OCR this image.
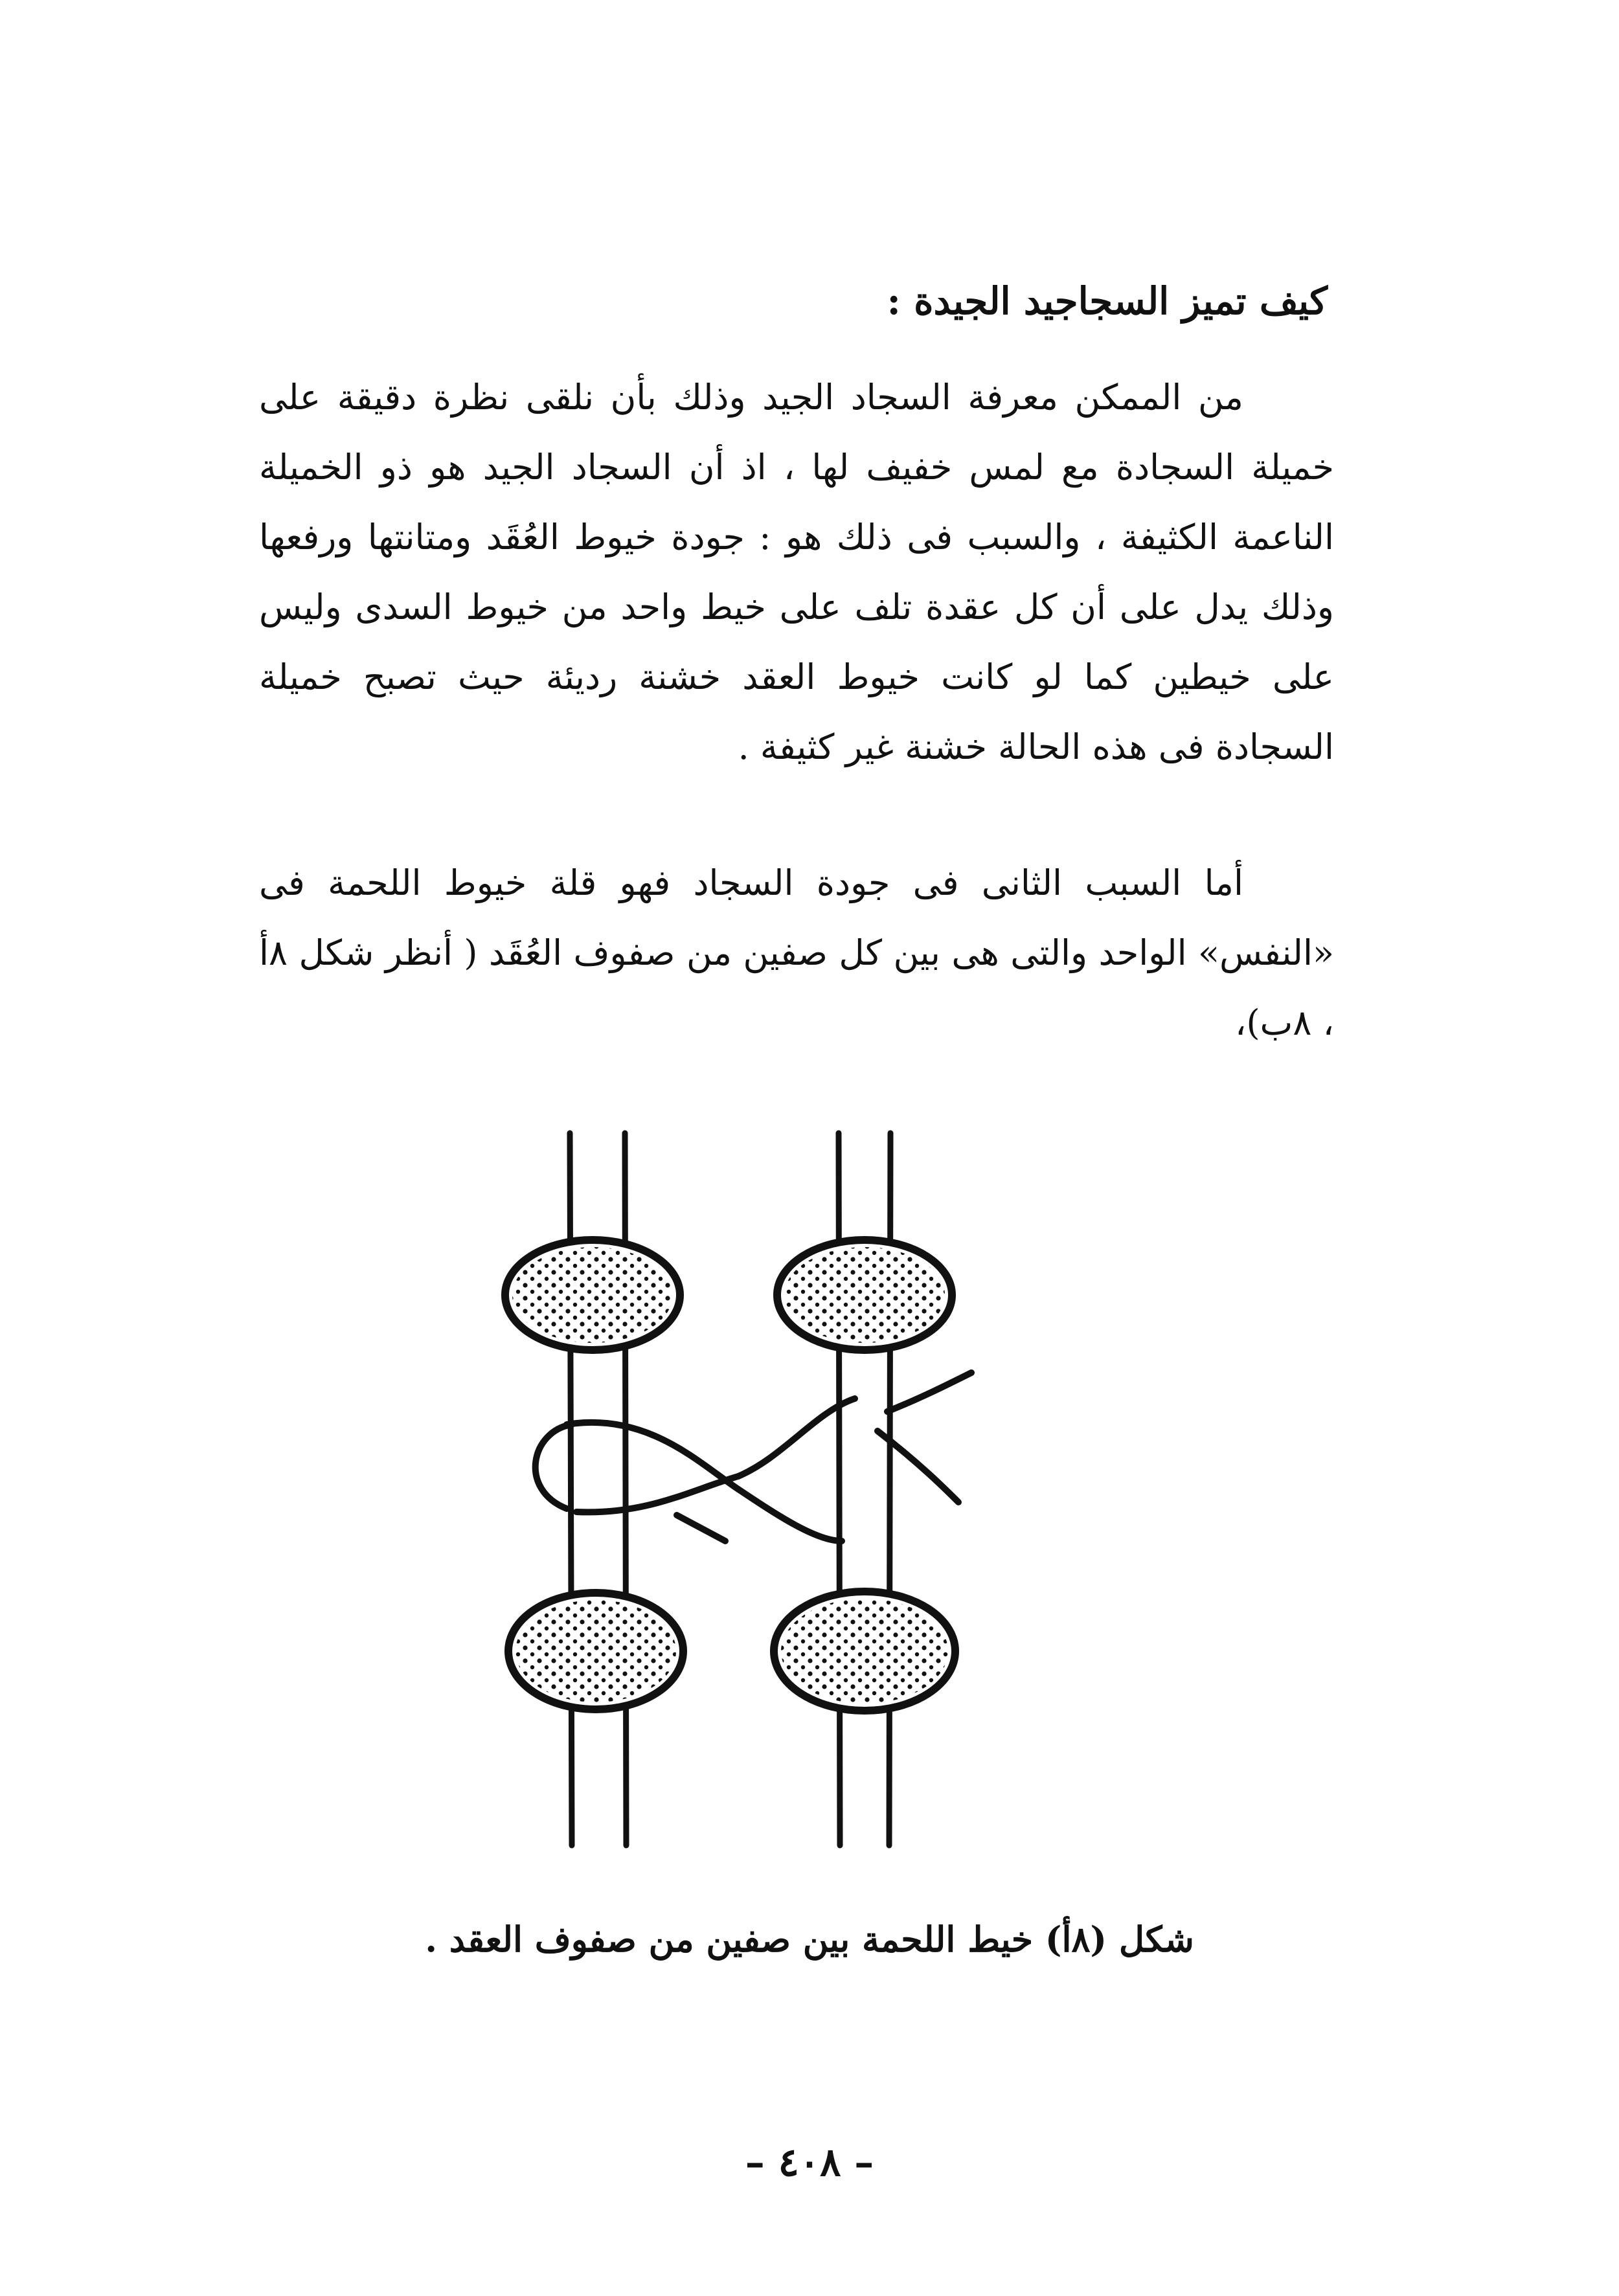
كيف تميز السجاجيد الجيدة :

من الممكن معرفة السجاد الجيد وذلك بأن نلقى نظرة دقيقة على خميلة السجادة مع لمس خفيف لها ، اذ أن السجاد الجيد هو ذو الخميلة الناعمة الكثيفة ، والسبب فى ذلك هو : جودة خيوط العُقَد ومتانتها ورفعها وذلك يدل على أن كل عقدة تلف على خيط واحد من خيوط السدى وليس على خيطين كما لو كانت خيوط العقد خشنة رديئة حيث تصبح خميلة السجادة فى هذه الحالة خشنة غير كثيفة .

أما السبب الثانى فى جودة السجاد فهو قلة خيوط اللحمة فى «النفس» الواحد والتى هى بين كل صفين من صفوف العُقَد ( أنظر شكل ٨أ ، ٨ب)،

شكل (٨أ) خيط اللحمة بين صفين من صفوف العقد .

– ٤٠٨ –
